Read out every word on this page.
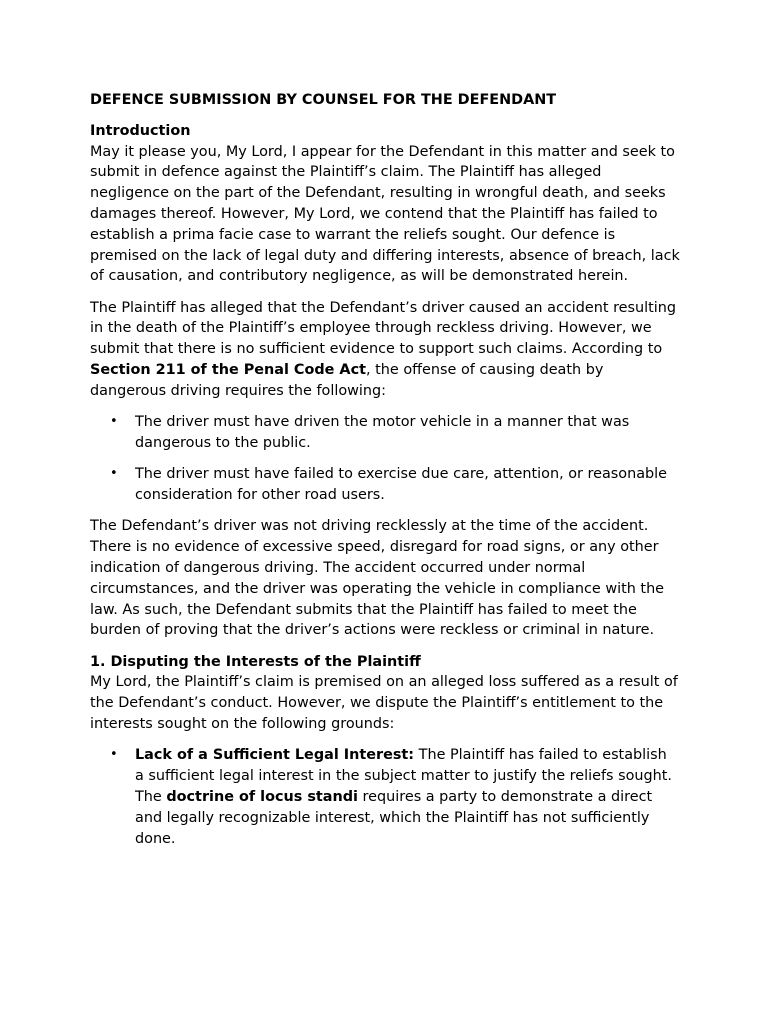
DEFENCE SUBMISSION BY COUNSEL FOR THE DEFENDANT
Introduction

May it please you, My Lord, I appear for the Defendant in this matter and seek to submit in defence against the Plaintiff’s claim. The Plaintiff has alleged negligence on the part of the Defendant, resulting in wrongful death, and seeks damages thereof. However, My Lord, we contend that the Plaintiff has failed to establish a prima facie case to warrant the reliefs sought. Our defence is premised on the lack of legal duty and differing interests, absence of breach, lack of causation, and contributory negligence, as will be demonstrated herein.

The Plaintiff has alleged that the Defendant’s driver caused an accident resulting in the death of the Plaintiff’s employee through reckless driving. However, we submit that there is no sufficient evidence to support such claims. According to Section 211 of the Penal Code Act, the offense of causing death by dangerous driving requires the following:

• The driver must have driven the motor vehicle in a manner that was dangerous to the public.
• The driver must have failed to exercise due care, attention, or reasonable consideration for other road users.

The Defendant’s driver was not driving recklessly at the time of the accident. There is no evidence of excessive speed, disregard for road signs, or any other indication of dangerous driving. The accident occurred under normal circumstances, and the driver was operating the vehicle in compliance with the law. As such, the Defendant submits that the Plaintiff has failed to meet the burden of proving that the driver’s actions were reckless or criminal in nature.

1. Disputing the Interests of the Plaintiff

My Lord, the Plaintiff’s claim is premised on an alleged loss suffered as a result of the Defendant’s conduct. However, we dispute the Plaintiff’s entitlement to the interests sought on the following grounds:

• Lack of a Sufficient Legal Interest: The Plaintiff has failed to establish a sufficient legal interest in the subject matter to justify the reliefs sought. The doctrine of locus standi requires a party to demonstrate a direct and legally recognizable interest, which the Plaintiff has not sufficiently done.
